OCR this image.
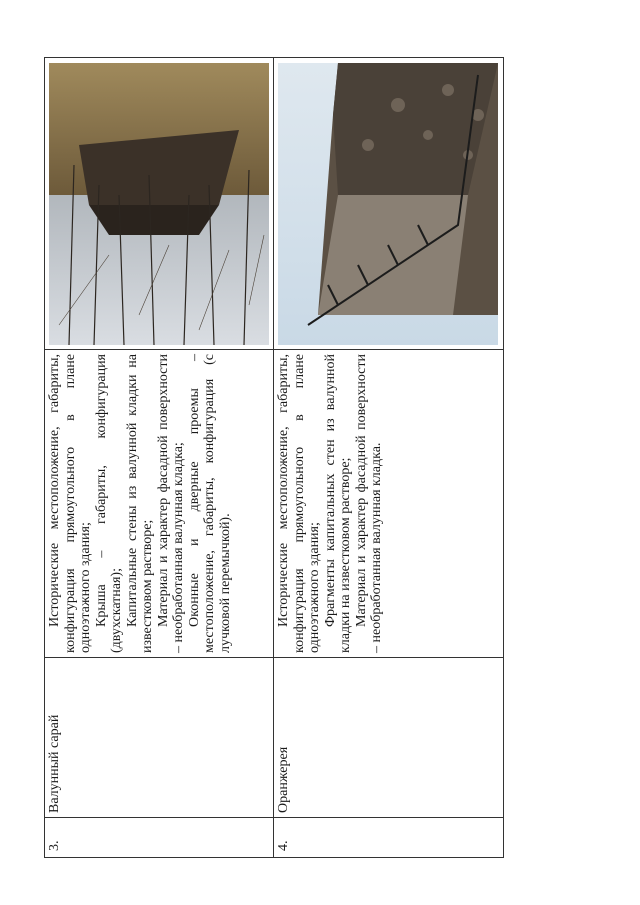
3.	Валунный сарай	Исторические местоположение, габариты, конфигурация прямоугольного в плане одноэтажного здания; Крыша – габариты, конфигурация (двухскатная); Капитальные стены из валунной кладки на известковом растворе; Материал и характер фасадной поверхности – необработанная валунная кладка; Оконные и дверные проемы – местоположение, габариты, конфигурация (с лучковой перемычкой).

4.	Оранжерея	Исторические местоположение, габариты, конфигурация прямоугольного в плане одноэтажного здания; Фрагменты капитальных стен из валунной кладки на известковом растворе; Материал и характер фасадной поверхности – необработанная валунная кладка.
